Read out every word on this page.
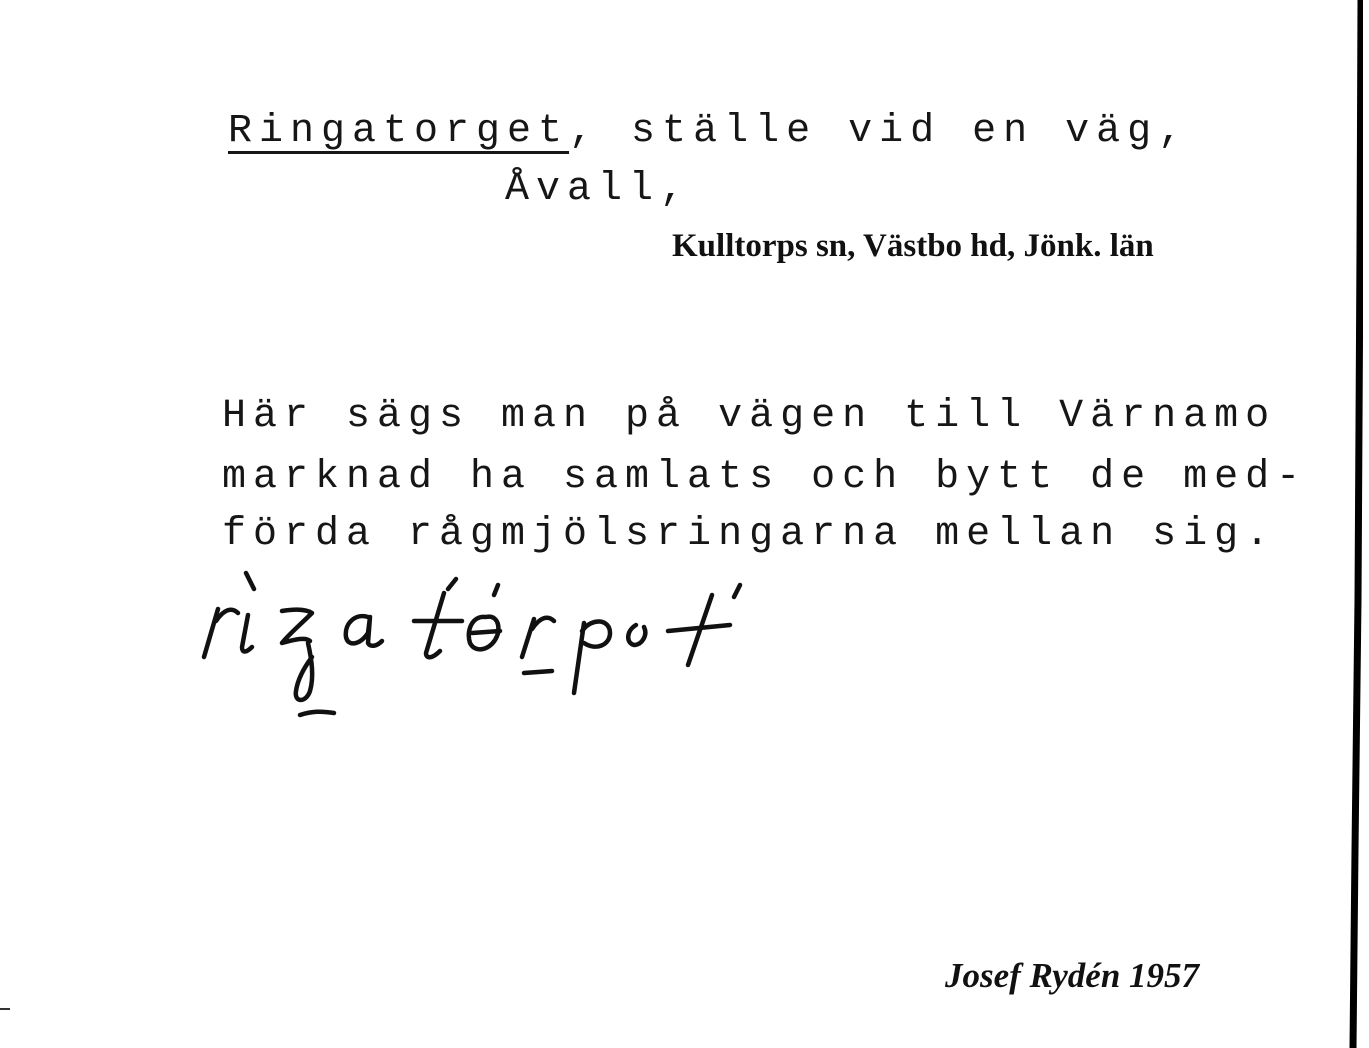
Ringatorget, ställe vid en väg,
Åvall,
Kulltorps sn, Västbo hd, Jönk. län
Här sägs man på vägen till Värnamo
marknad ha samlats och bytt de med-
förda rågmjölsringarna mellan sig.
Josef Rydén 1957
